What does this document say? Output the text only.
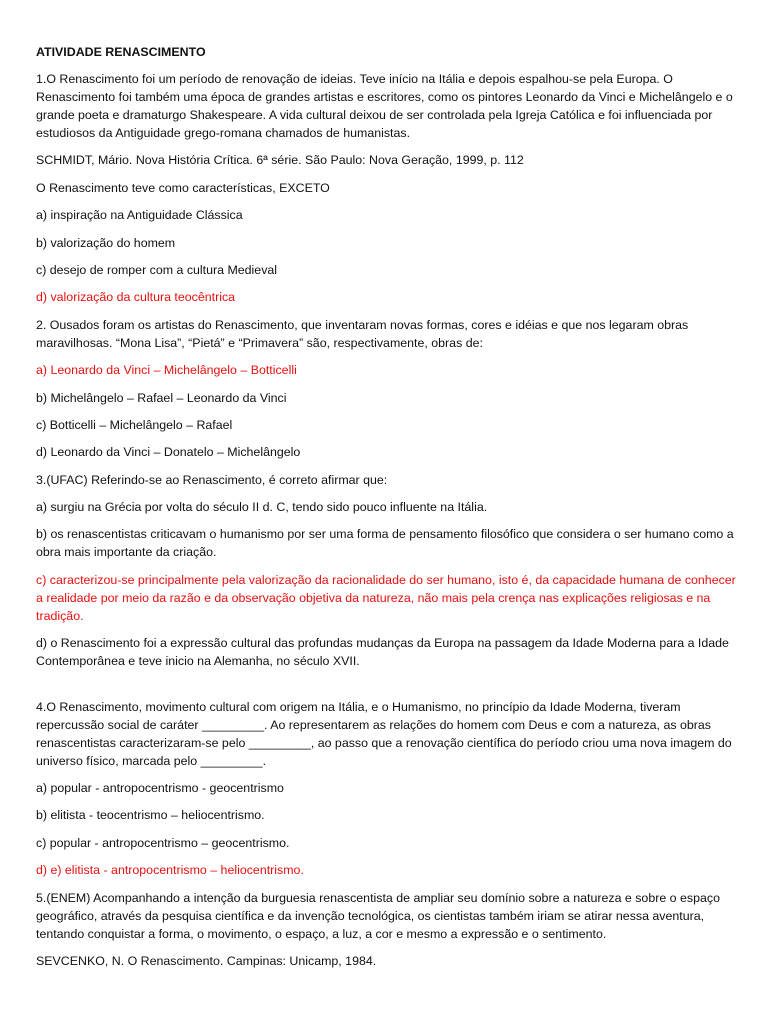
ATIVIDADE RENASCIMENTO

1.O Renascimento foi um período de renovação de ideias. Teve início na Itália e depois espalhou-se pela Europa. O Renascimento foi também uma época de grandes artistas e escritores, como os pintores Leonardo da Vinci e Michelângelo e o grande poeta e dramaturgo Shakespeare. A vida cultural deixou de ser controlada pela Igreja Católica e foi influenciada por estudiosos da Antiguidade grego-romana chamados de humanistas.

SCHMIDT, Mário. Nova História Crítica. 6ª série. São Paulo: Nova Geração, 1999, p. 112

O Renascimento teve como características, EXCETO

a) inspiração na Antiguidade Clássica

b) valorização do homem

c) desejo de romper com a cultura Medieval

d) valorização da cultura teocêntrica

2. Ousados foram os artistas do Renascimento, que inventaram novas formas, cores e idéias e que nos legaram obras maravilhosas. “Mona Lisa”, “Pietá” e “Primavera” são, respectivamente, obras de:

a) Leonardo da Vinci – Michelângelo – Botticelli

b) Michelângelo – Rafael – Leonardo da Vinci

c) Botticelli – Michelângelo – Rafael

d) Leonardo da Vinci – Donatelo – Michelângelo

3.(UFAC) Referindo-se ao Renascimento, é correto afirmar que:

a) surgiu na Grécia por volta do século II d. C, tendo sido pouco influente na Itália.

b) os renascentistas criticavam o humanismo por ser uma forma de pensamento filosófico que considera o ser humano como a obra mais importante da criação.

c) caracterizou-se principalmente pela valorização da racionalidade do ser humano, isto é, da capacidade humana de conhecer a realidade por meio da razão e da observação objetiva da natureza, não mais pela crença nas explicações religiosas e na tradição.

d) o Renascimento foi a expressão cultural das profundas mudanças da Europa na passagem da Idade Moderna para a Idade Contemporânea e teve inicio na Alemanha, no século XVII.

4.O Renascimento, movimento cultural com origem na Itália, e o Humanismo, no princípio da Idade Moderna, tiveram repercussão social de caráter _________. Ao representarem as relações do homem com Deus e com a natureza, as obras renascentistas caracterizaram-se pelo _________, ao passo que a renovação científica do período criou uma nova imagem do universo físico, marcada pelo _________.

a) popular - antropocentrismo - geocentrismo

b) elitista - teocentrismo – heliocentrismo.

c) popular - antropocentrismo – geocentrismo.

d) e) elitista - antropocentrismo – heliocentrismo.

5.(ENEM) Acompanhando a intenção da burguesia renascentista de ampliar seu domínio sobre a natureza e sobre o espaço geográfico, através da pesquisa científica e da invenção tecnológica, os cientistas também iriam se atirar nessa aventura, tentando conquistar a forma, o movimento, o espaço, a luz, a cor e mesmo a expressão e o sentimento.

SEVCENKO, N. O Renascimento. Campinas: Unicamp, 1984.
